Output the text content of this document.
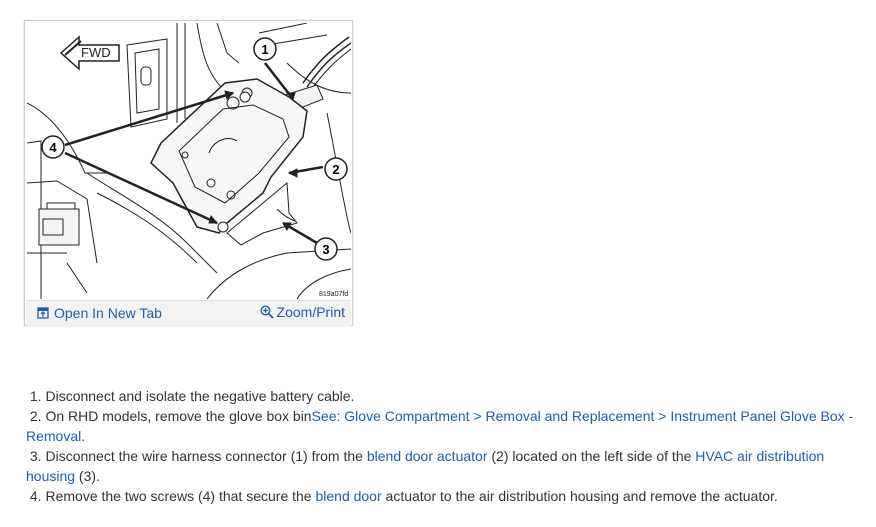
FWD	1
2
3
4
819a07fd
Open In New Tab	Zoom/Print

1. Disconnect and isolate the negative battery cable.

2. On RHD models, remove the glove box binSee: Glove Compartment > Removal and Replacement > Instrument Panel Glove Box - Removal.

3. Disconnect the wire harness connector (1) from the blend door actuator (2) located on the left side of the HVAC air distribution housing (3).

4. Remove the two screws (4) that secure the blend door actuator to the air distribution housing and remove the actuator.
